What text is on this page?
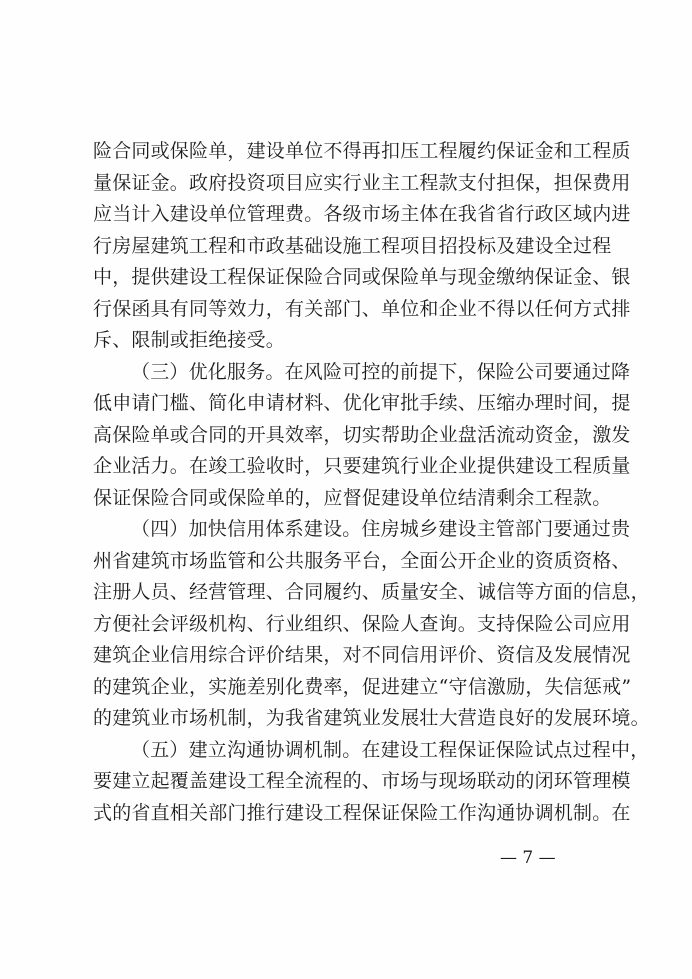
险合同或保险单，建设单位不得再扣压工程履约保证金和工程质
量保证金。政府投资项目应实行业主工程款支付担保，担保费用
应当计入建设单位管理费。各级市场主体在我省省行政区域内进
行房屋建筑工程和市政基础设施工程项目招投标及建设全过程
中，提供建设工程保证保险合同或保险单与现金缴纳保证金、银
行保函具有同等效力，有关部门、单位和企业不得以任何方式排
斥、限制或拒绝接受。
（三）优化服务。在风险可控的前提下，保险公司要通过降
低申请门槛、简化申请材料、优化审批手续、压缩办理时间，提
高保险单或合同的开具效率，切实帮助企业盘活流动资金，激发
企业活力。在竣工验收时，只要建筑行业企业提供建设工程质量
保证保险合同或保险单的，应督促建设单位结清剩余工程款。
（四）加快信用体系建设。住房城乡建设主管部门要通过贵
州省建筑市场监管和公共服务平台，全面公开企业的资质资格、
注册人员、经营管理、合同履约、质量安全、诚信等方面的信息，
方便社会评级机构、行业组织、保险人查询。支持保险公司应用
建筑企业信用综合评价结果，对不同信用评价、资信及发展情况
的建筑企业，实施差别化费率，促进建立“守信激励，失信惩戒”
的建筑业市场机制，为我省建筑业发展壮大营造良好的发展环境。
（五）建立沟通协调机制。在建设工程保证保险试点过程中，
要建立起覆盖建设工程全流程的、市场与现场联动的闭环管理模
式的省直相关部门推行建设工程保证保险工作沟通协调机制。在
— 7 —
